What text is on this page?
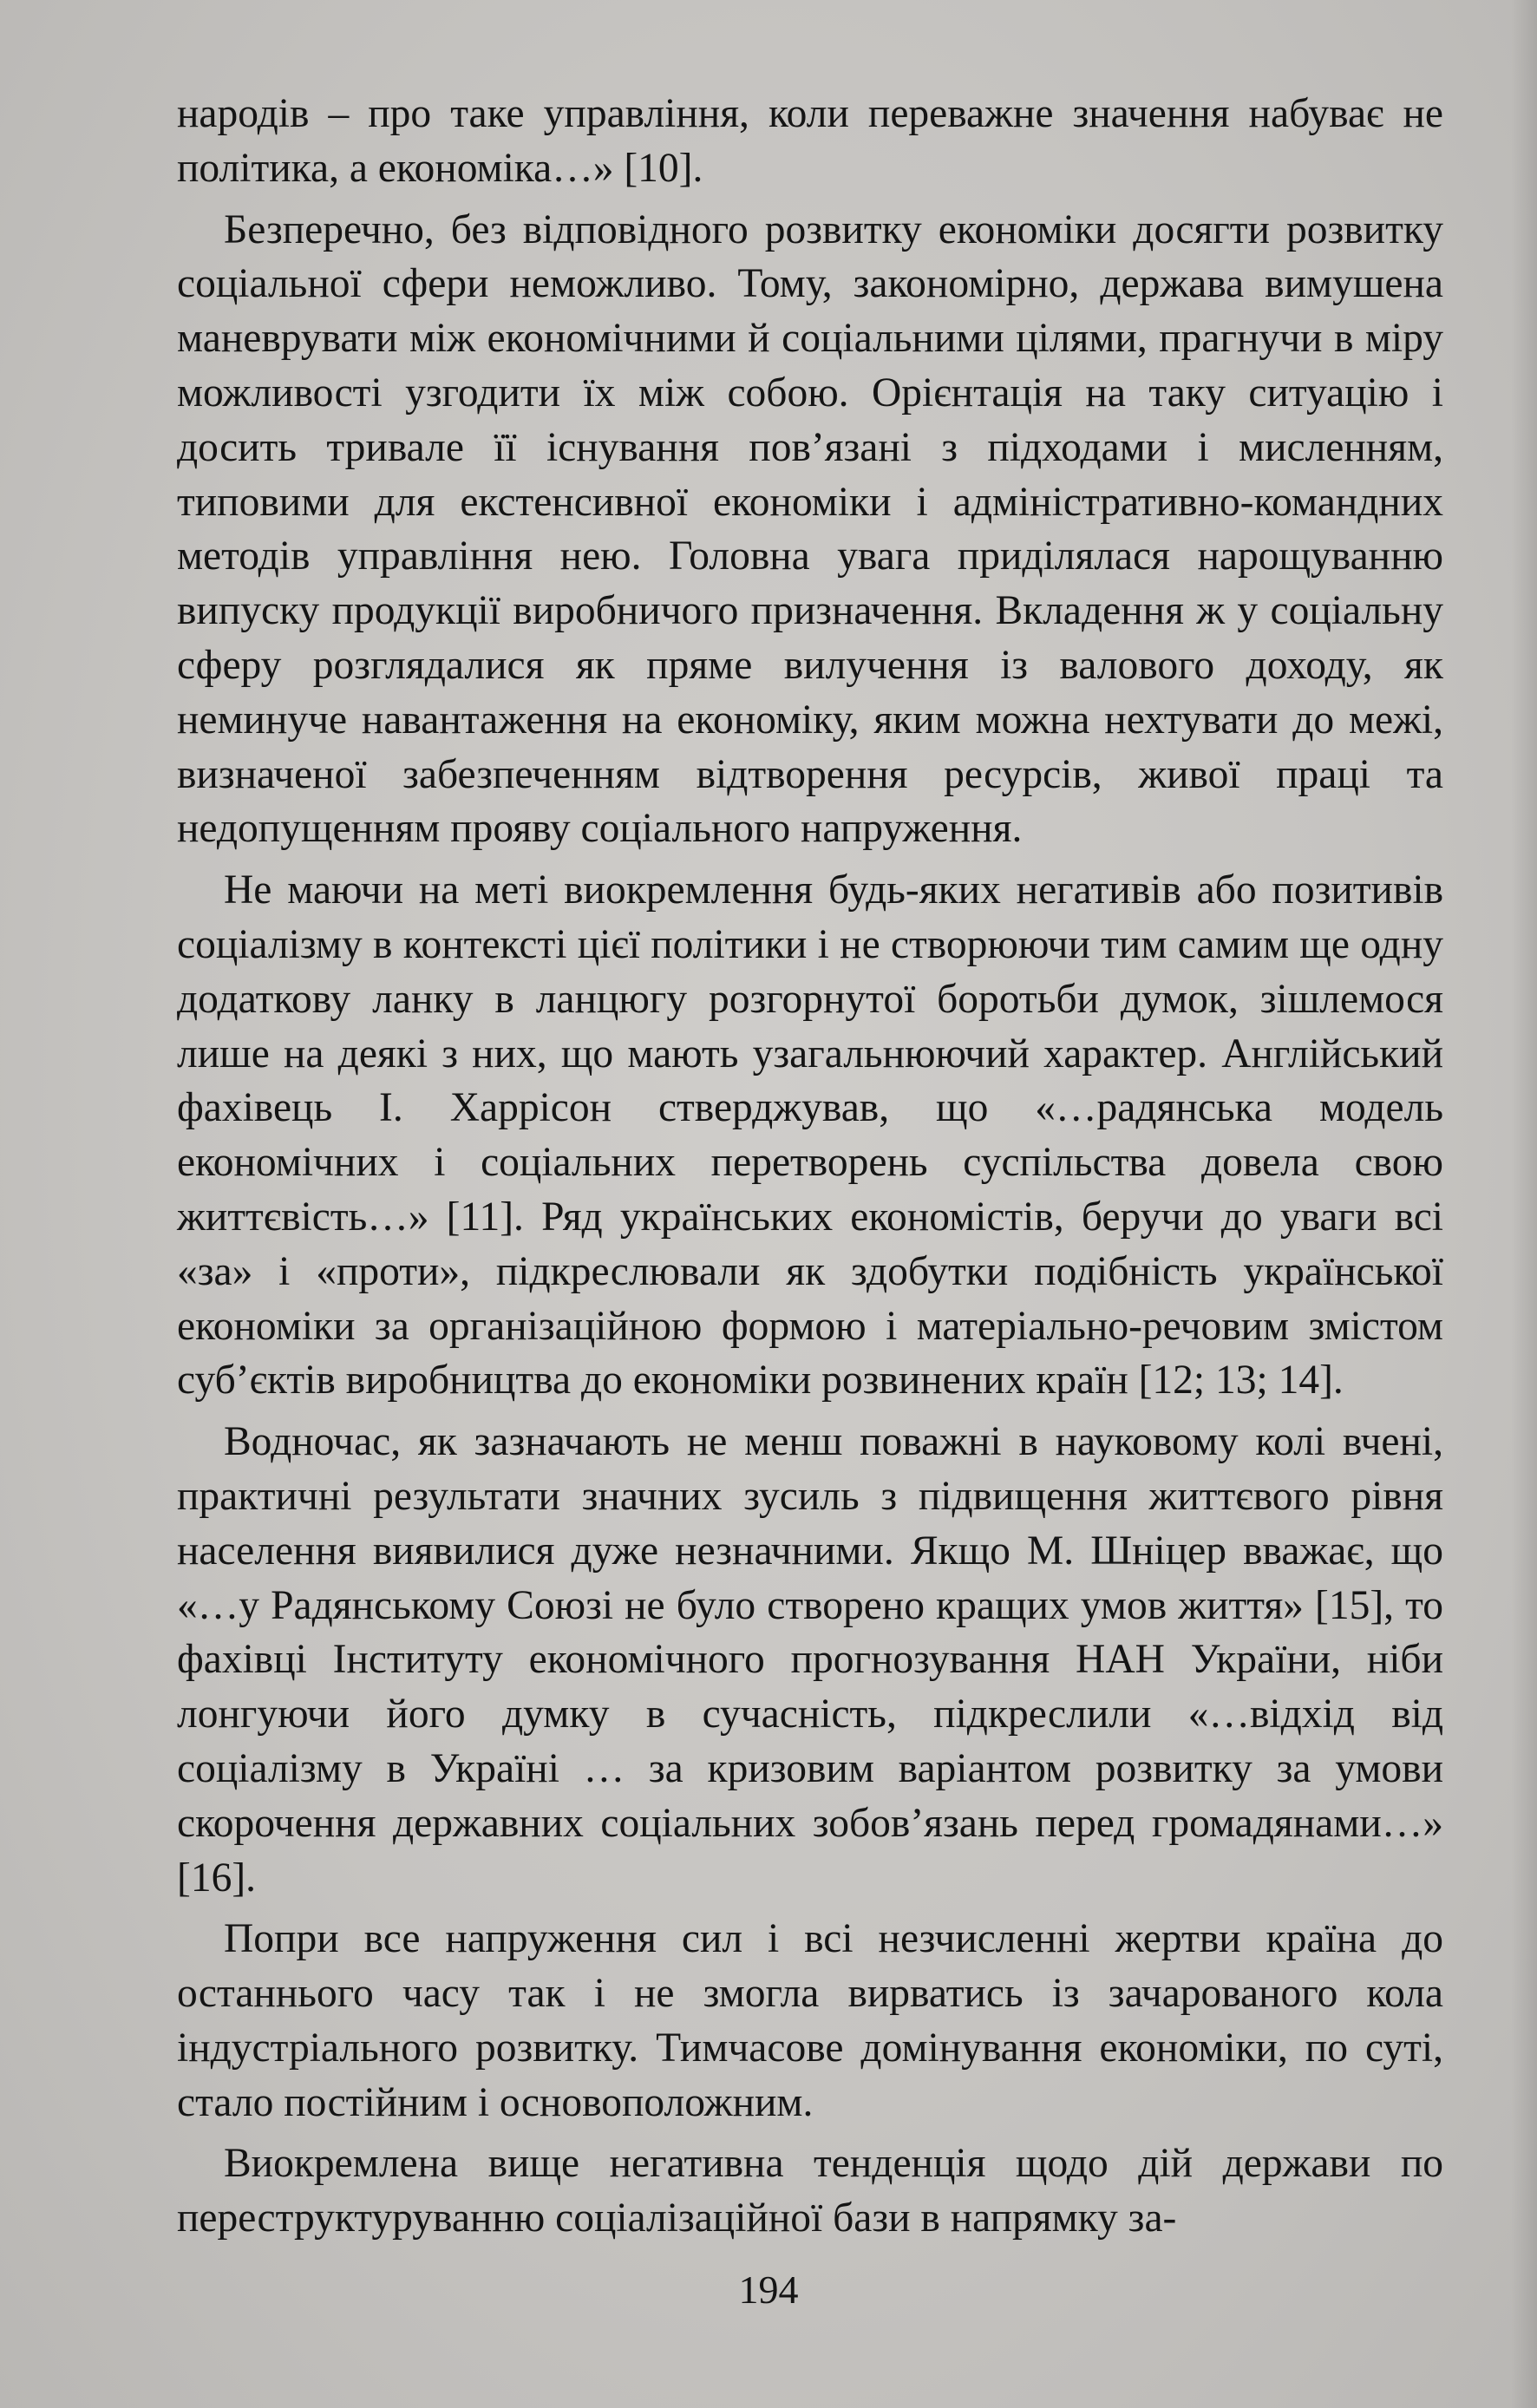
народів – про таке управління, коли переважне значення набуває не політика, а економіка…» [10].

Безперечно, без відповідного розвитку економіки досягти розвитку соціальної сфери неможливо. Тому, закономірно, держава вимушена маневрувати між економічними й соціальними цілями, прагнучи в міру можливості узгодити їх між собою. Орієнтація на таку ситуацію і досить тривале її існування пов’язані з підходами і мисленням, типовими для екстенсивної економіки і адміністративно-командних методів управління нею. Головна увага приділялася нарощуванню випуску продукції виробничого призначення. Вкладення ж у соціальну сферу розглядалися як пряме вилучення із валового доходу, як неминуче навантаження на економіку, яким можна нехтувати до межі, визначеної забезпеченням відтворення ресурсів, живої праці та недопущенням прояву соціального напруження.

Не маючи на меті виокремлення будь-яких негативів або позитивів соціалізму в контексті цієї політики і не створюючи тим самим ще одну додаткову ланку в ланцюгу розгорнутої боротьби думок, зішлемося лише на деякі з них, що мають узагальнюючий характер. Англійський фахівець І. Харрісон стверджував, що «…радянська модель економічних і соціальних перетворень суспільства довела свою життєвість…» [11]. Ряд українських економістів, беручи до уваги всі «за» і «проти», підкреслювали як здобутки подібність української економіки за організаційною формою і матеріально-речовим змістом суб’єктів виробництва до економіки розвинених країн [12; 13; 14].

Водночас, як зазначають не менш поважні в науковому колі вчені, практичні результати значних зусиль з підвищення життєвого рівня населення виявилися дуже незначними. Якщо М. Шніцер вважає, що «…у Радянському Союзі не було створено кращих умов життя» [15], то фахівці Інституту економічного прогнозування НАН України, ніби лонгуючи його думку в сучасність, підкреслили «…відхід від соціалізму в Україні … за кризовим варіантом розвитку за умови скорочення державних соціальних зобов’язань перед громадянами…» [16].

Попри все напруження сил і всі незчисленні жертви країна до останнього часу так і не змогла вирватись із зачарованого кола індустріального розвитку. Тимчасове домінування економіки, по суті, стало постійним і основоположним.

Виокремлена вище негативна тенденція щодо дій держави по переструктуруванню соціалізаційної бази в напрямку за-

194
